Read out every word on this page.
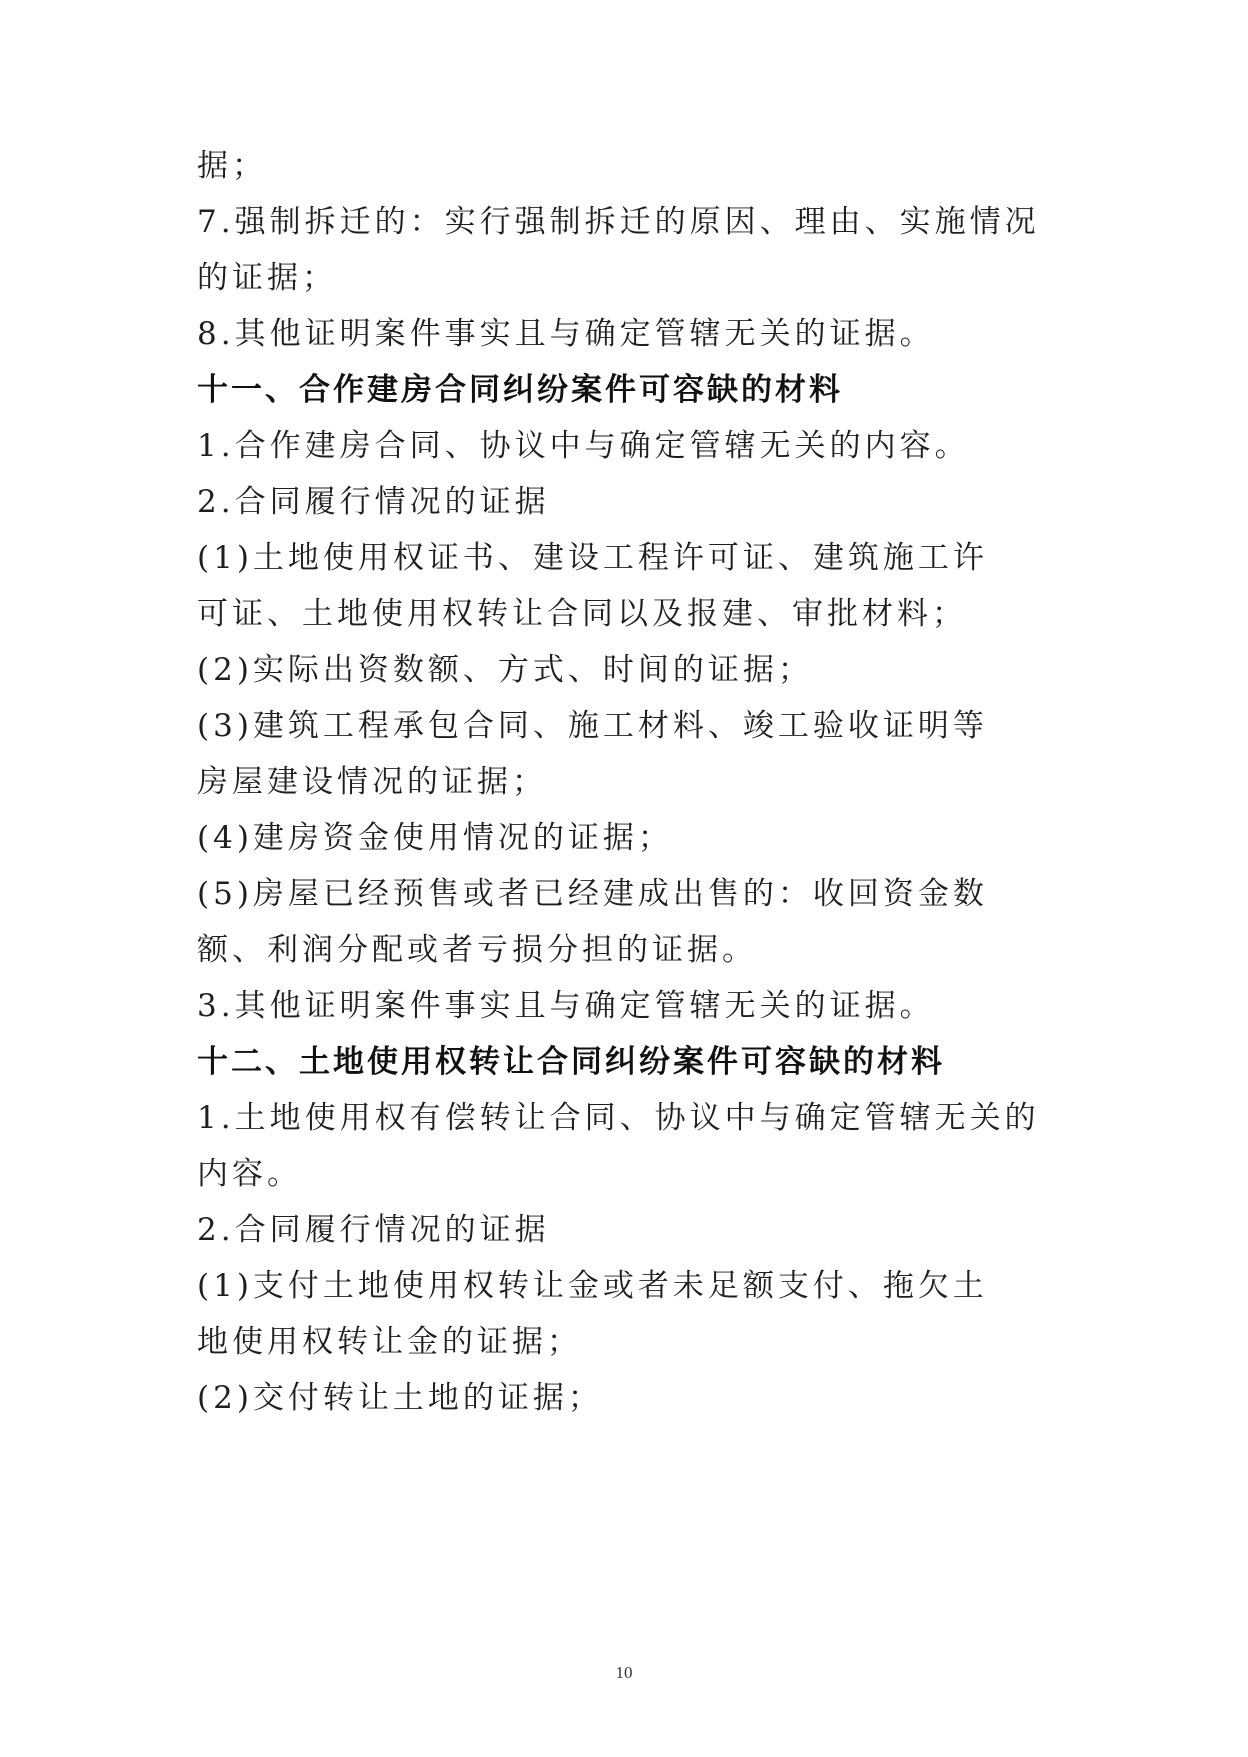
据；
7.强制拆迁的：实行强制拆迁的原因、理由、实施情况
的证据；
8.其他证明案件事实且与确定管辖无关的证据。
十一、合作建房合同纠纷案件可容缺的材料
1.合作建房合同、协议中与确定管辖无关的内容。
2.合同履行情况的证据
(1)土地使用权证书、建设工程许可证、建筑施工许
可证、土地使用权转让合同以及报建、审批材料；
(2)实际出资数额、方式、时间的证据；
(3)建筑工程承包合同、施工材料、竣工验收证明等
房屋建设情况的证据；
(4)建房资金使用情况的证据；
(5)房屋已经预售或者已经建成出售的：收回资金数
额、利润分配或者亏损分担的证据。
3.其他证明案件事实且与确定管辖无关的证据。
十二、土地使用权转让合同纠纷案件可容缺的材料
1.土地使用权有偿转让合同、协议中与确定管辖无关的
内容。
2.合同履行情况的证据
(1)支付土地使用权转让金或者未足额支付、拖欠土
地使用权转让金的证据；
(2)交付转让土地的证据；
10
